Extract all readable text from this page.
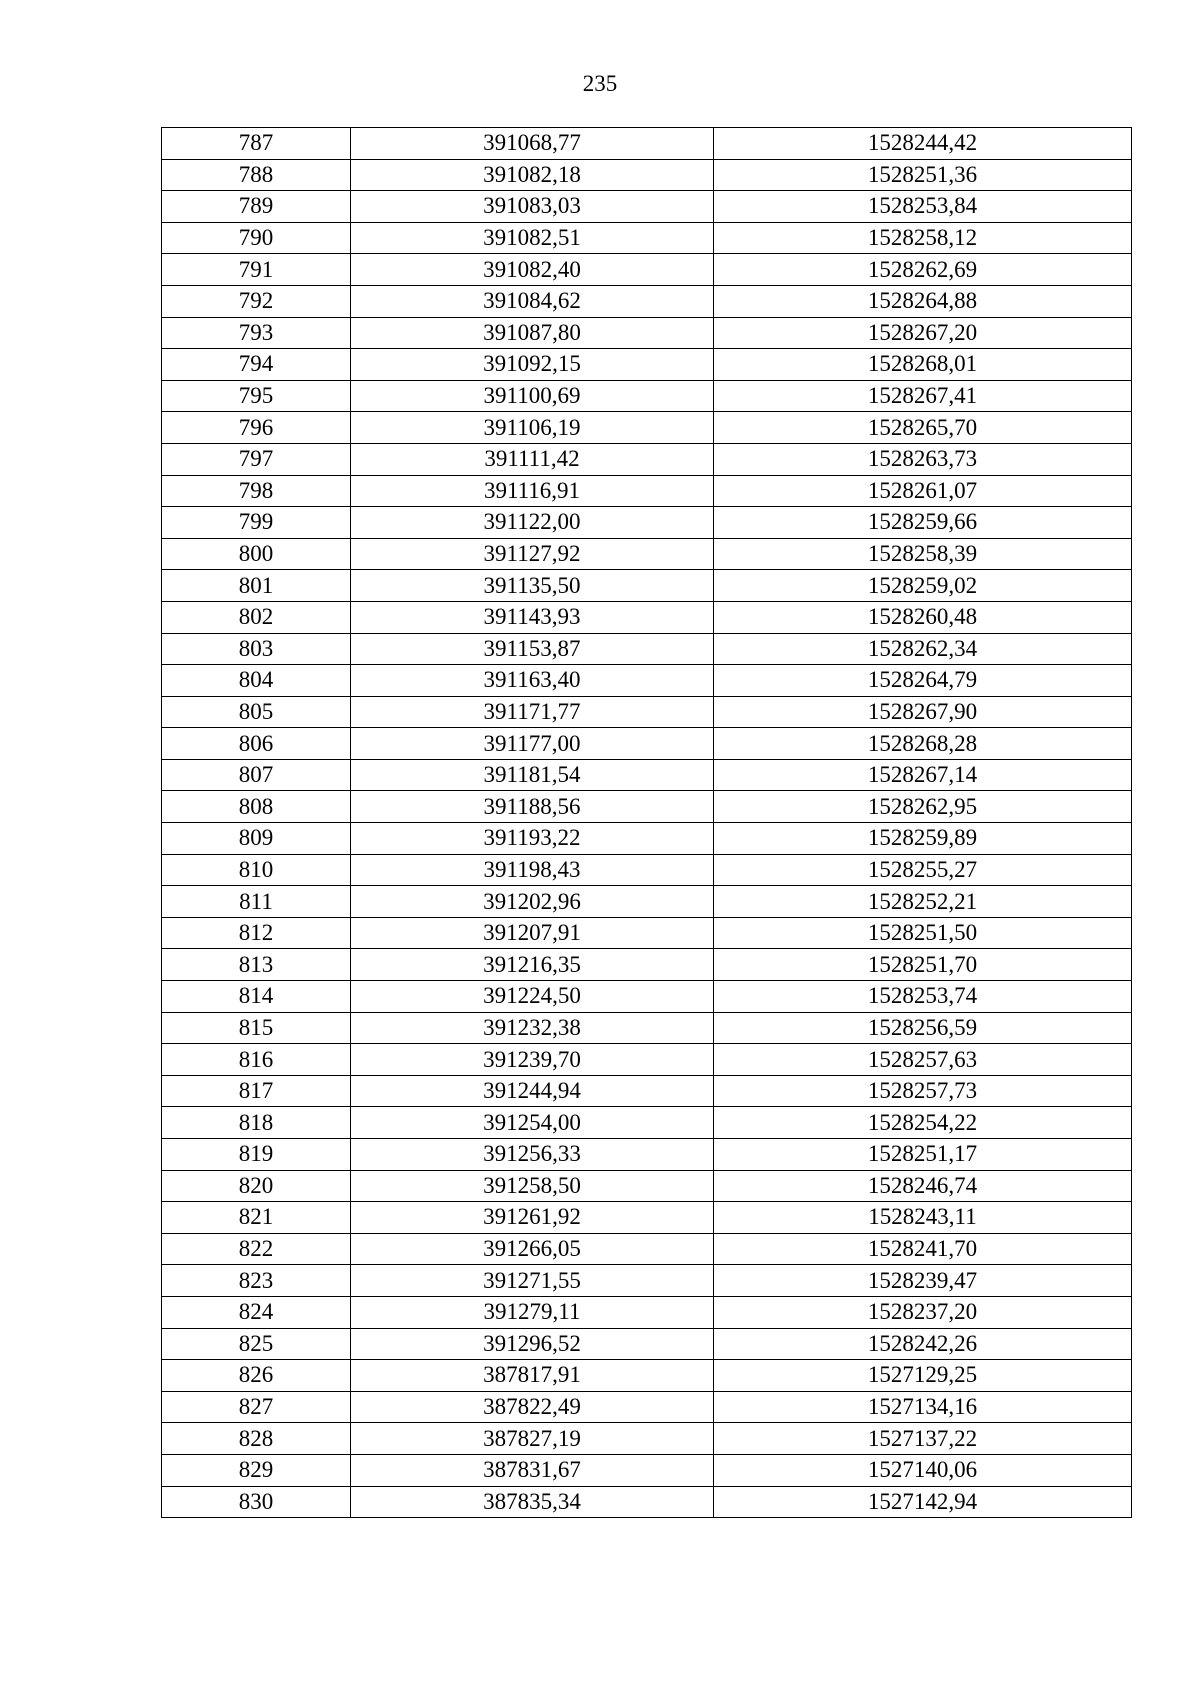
235
787	391068,77	1528244,42
788	391082,18	1528251,36
789	391083,03	1528253,84
790	391082,51	1528258,12
791	391082,40	1528262,69
792	391084,62	1528264,88
793	391087,80	1528267,20
794	391092,15	1528268,01
795	391100,69	1528267,41
796	391106,19	1528265,70
797	391111,42	1528263,73
798	391116,91	1528261,07
799	391122,00	1528259,66
800	391127,92	1528258,39
801	391135,50	1528259,02
802	391143,93	1528260,48
803	391153,87	1528262,34
804	391163,40	1528264,79
805	391171,77	1528267,90
806	391177,00	1528268,28
807	391181,54	1528267,14
808	391188,56	1528262,95
809	391193,22	1528259,89
810	391198,43	1528255,27
811	391202,96	1528252,21
812	391207,91	1528251,50
813	391216,35	1528251,70
814	391224,50	1528253,74
815	391232,38	1528256,59
816	391239,70	1528257,63
817	391244,94	1528257,73
818	391254,00	1528254,22
819	391256,33	1528251,17
820	391258,50	1528246,74
821	391261,92	1528243,11
822	391266,05	1528241,70
823	391271,55	1528239,47
824	391279,11	1528237,20
825	391296,52	1528242,26
826	387817,91	1527129,25
827	387822,49	1527134,16
828	387827,19	1527137,22
829	387831,67	1527140,06
830	387835,34	1527142,94
